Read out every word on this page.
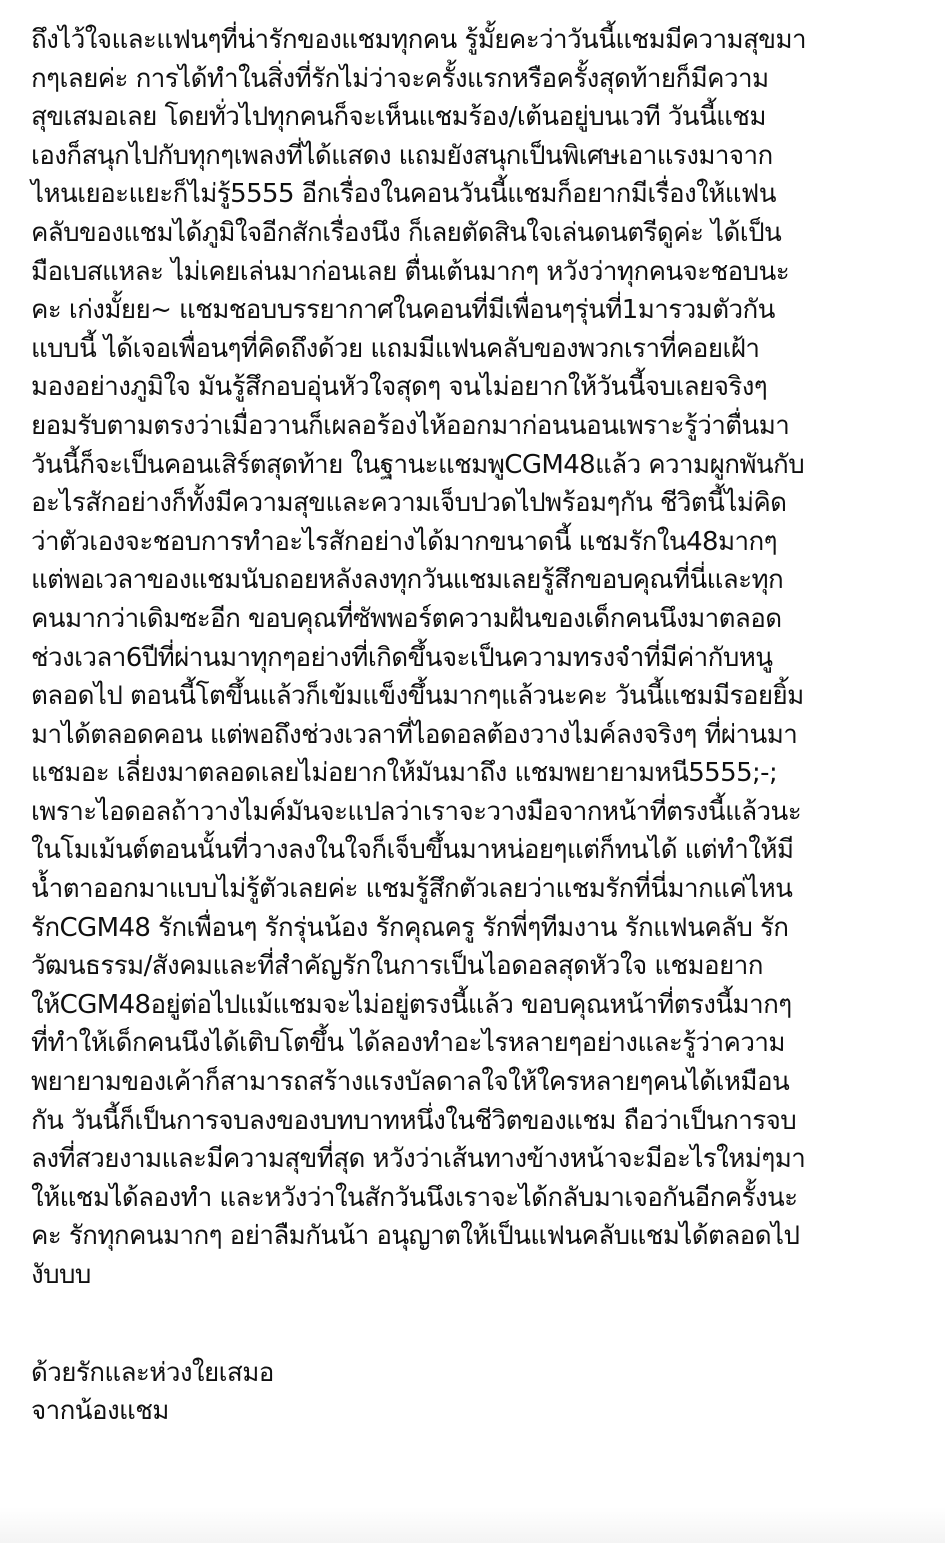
ถึงไว้ใจและแฟนๆที่น่ารักของแชมทุกคน รู้มั้ยคะว่าวันนี้แชมมีความสุขมา
กๆเลยค่ะ การได้ทำในสิ่งที่รักไม่ว่าจะครั้งแรกหรือครั้งสุดท้ายก็มีความ
สุขเสมอเลย โดยทั่วไปทุกคนก็จะเห็นแชมร้อง/เต้นอยู่บนเวที วันนี้แชม
เองก็สนุกไปกับทุกๆเพลงที่ได้แสดง แถมยังสนุกเป็นพิเศษเอาแรงมาจาก
ไหนเยอะแยะก็ไม่รู้5555 อีกเรื่องในคอนวันนี้แชมก็อยากมีเรื่องให้แฟน
คลับของแชมได้ภูมิใจอีกสักเรื่องนึง ก็เลยตัดสินใจเล่นดนตรีดูค่ะ ได้เป็น
มือเบสแหละ ไม่เคยเล่นมาก่อนเลย ตื่นเต้นมากๆ หวังว่าทุกคนจะชอบนะ
คะ เก่งมั้ยย~ แชมชอบบรรยากาศในคอนที่มีเพื่อนๆรุ่นที่1มารวมตัวกัน
แบบนี้ ได้เจอเพื่อนๆที่คิดถึงด้วย แถมมีแฟนคลับของพวกเราที่คอยเฝ้า
มองอย่างภูมิใจ มันรู้สึกอบอุ่นหัวใจสุดๆ จนไม่อยากให้วันนี้จบเลยจริงๆ
ยอมรับตามตรงว่าเมื่อวานก็เผลอร้องไห้ออกมาก่อนนอนเพราะรู้ว่าตื่นมา
วันนี้ก็จะเป็นคอนเสิร์ตสุดท้าย ในฐานะแชมพูCGM48แล้ว ความผูกพันกับ
อะไรสักอย่างก็ทั้งมีความสุขและความเจ็บปวดไปพร้อมๆกัน ชีวิตนี้ไม่คิด
ว่าตัวเองจะชอบการทำอะไรสักอย่างได้มากขนาดนี้ แชมรักใน48มากๆ
แต่พอเวลาของแชมนับถอยหลังลงทุกวันแชมเลยรู้สึกขอบคุณที่นี่และทุก
คนมากว่าเดิมซะอีก ขอบคุณที่ซัพพอร์ตความฝันของเด็กคนนึงมาตลอด
ช่วงเวลา6ปีที่ผ่านมาทุกๆอย่างที่เกิดขึ้นจะเป็นความทรงจำที่มีค่ากับหนู
ตลอดไป ตอนนี้โตขึ้นแล้วก็เข้มแข็งขึ้นมากๆแล้วนะคะ วันนี้แชมมีรอยยิ้ม
มาได้ตลอดคอน แต่พอถึงช่วงเวลาที่ไอดอลต้องวางไมค์ลงจริงๆ ที่ผ่านมา
แชมอะ เลี่ยงมาตลอดเลยไม่อยากให้มันมาถึง แชมพยายามหนี5555;-;
เพราะไอดอลถ้าวางไมค์มันจะแปลว่าเราจะวางมือจากหน้าที่ตรงนี้แล้วนะ
ในโมเม้นต์ตอนนั้นที่วางลงในใจก็เจ็บขึ้นมาหน่อยๆแต่ก็ทนได้ แต่ทำให้มี
น้ำตาออกมาแบบไม่รู้ตัวเลยค่ะ แชมรู้สึกตัวเลยว่าแชมรักที่นี่มากแค่ไหน
รักCGM48 รักเพื่อนๆ รักรุ่นน้อง รักคุณครู รักพี่ๆทีมงาน รักแฟนคลับ รัก
วัฒนธรรม/สังคมและที่สำคัญรักในการเป็นไอดอลสุดหัวใจ แชมอยาก
ให้CGM48อยู่ต่อไปแม้แชมจะไม่อยู่ตรงนี้แล้ว ขอบคุณหน้าที่ตรงนี้มากๆ
ที่ทำให้เด็กคนนึงได้เติบโตขึ้น ได้ลองทำอะไรหลายๆอย่างและรู้ว่าความ
พยายามของเค้าก็สามารถสร้างแรงบัลดาลใจให้ใครหลายๆคนได้เหมือน
กัน วันนี้ก็เป็นการจบลงของบทบาทหนึ่งในชีวิตของแชม ถือว่าเป็นการจบ
ลงที่สวยงามและมีความสุขที่สุด หวังว่าเส้นทางข้างหน้าจะมีอะไรใหม่ๆมา
ให้แชมได้ลองทำ และหวังว่าในสักวันนึงเราจะได้กลับมาเจอกันอีกครั้งนะ
คะ รักทุกคนมากๆ อย่าลืมกันน้า อนุญาตให้เป็นแฟนคลับแชมได้ตลอดไป
งับบบ
ด้วยรักและห่วงใยเสมอ
จากน้องแชม
